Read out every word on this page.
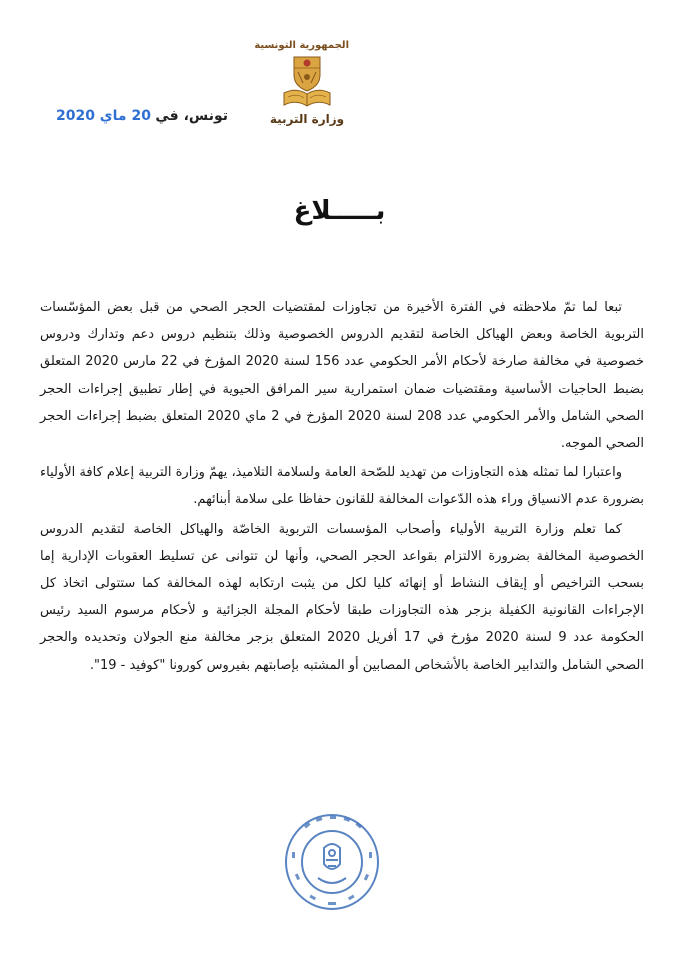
الجمهورية التونسية
وزارة التربية
تونس، في 20 ماي 2020
بـــــلاغ

تبعا لما تمّ ملاحظته في الفترة الأخيرة من تجاوزات لمقتضيات الحجر الصحي من قبل بعض المؤسّسات التربوية الخاصة وبعض الهياكل الخاصة لتقديم الدروس الخصوصية وذلك بتنظيم دروس دعم وتدارك ودروس خصوصية في مخالفة صارخة لأحكام الأمر الحكومي عدد 156 لسنة 2020 المؤرخ في 22 مارس 2020 المتعلق بضبط الحاجيات الأساسية ومقتضيات ضمان استمرارية سير المرافق الحيوية في إطار تطبيق إجراءات الحجر الصحي الشامل والأمر الحكومي عدد 208 لسنة 2020 المؤرخ في 2 ماي 2020 المتعلق بضبط إجراءات الحجر الصحي الموجه.

واعتبارا لما تمثله هذه التجاوزات من تهديد للصّحة العامة ولسلامة التلاميذ، يهمّ وزارة التربية إعلام كافة الأولياء بضرورة عدم الانسياق وراء هذه الدّعوات المخالفة للقانون حفاظا على سلامة أبنائهم.

كما تعلم وزارة التربية الأولياء وأصحاب المؤسسات التربوية الخاصّة والهياكل الخاصة لتقديم الدروس الخصوصية المخالفة بضرورة الالتزام بقواعد الحجر الصحي، وأنها لن تتوانى عن تسليط العقوبات الإدارية إما بسحب التراخيص أو إيقاف النشاط أو إنهائه كليا لكل من يثبت ارتكابه لهذه المخالفة كما ستتولى اتخاذ كل الإجراءات القانونية الكفيلة بزجر هذه التجاوزات طبقا لأحكام المجلة الجزائية و لأحكام مرسوم السيد رئيس الحكومة عدد 9 لسنة 2020 مؤرخ في 17 أفريل 2020 المتعلق بزجر مخالفة منع الجولان وتحديده والحجر الصحي الشامل والتدابير الخاصة بالأشخاص المصابين أو المشتبه بإصابتهم بفيروس كورونا "كوفيد - 19".
